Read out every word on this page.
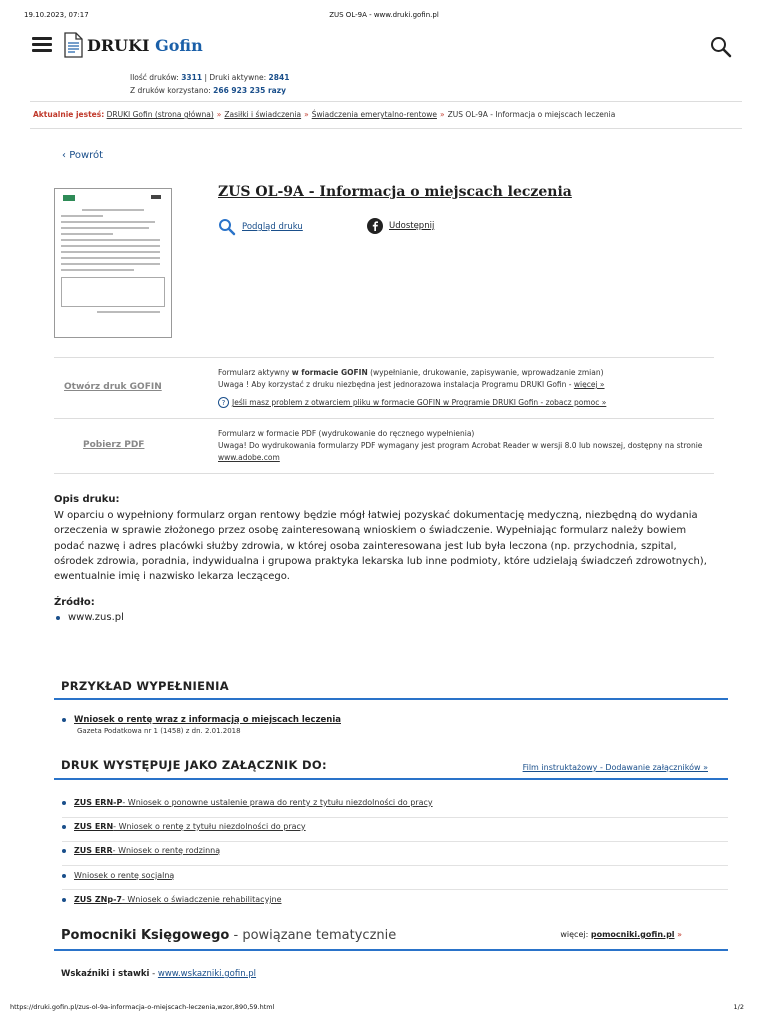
19.10.2023, 07:17	ZUS OL-9A - www.druki.gofin.pl
DRUKI Gofin
Ilość druków: 3311 | Druki aktywne: 2841
Z druków korzystano: 266 923 235 razy
Aktualnie jesteś: DRUKI Gofin (strona główna) » Zasiłki i świadczenia » Świadczenia emerytalno-rentowe » ZUS OL-9A - Informacja o miejscach leczenia
‹ Powrót
ZUS OL-9A - Informacja o miejscach leczenia
Podgląd druku	Udostępnij
Otwórz druk GOFIN
Formularz aktywny w formacie GOFIN (wypełnianie, drukowanie, zapisywanie, wprowadzanie zmian)
Uwaga ! Aby korzystać z druku niezbędna jest jednorazowa instalacja Programu DRUKI Gofin - więcej »
? Jeśli masz problem z otwarciem pliku w formacie GOFIN w Programie DRUKI Gofin - zobacz pomoc »
Pobierz PDF
Formularz w formacie PDF (wydrukowanie do ręcznego wypełnienia)
Uwaga! Do wydrukowania formularzy PDF wymagany jest program Acrobat Reader w wersji 8.0 lub nowszej, dostępny na stronie
www.adobe.com
Opis druku:
W oparciu o wypełniony formularz organ rentowy będzie mógł łatwiej pozyskać dokumentację medyczną, niezbędną do wydania orzeczenia w sprawie złożonego przez osobę zainteresowaną wnioskiem o świadczenie. Wypełniając formularz należy bowiem podać nazwę i adres placówki służby zdrowia, w której osoba zainteresowana jest lub była leczona (np. przychodnia, szpital, ośrodek zdrowia, poradnia, indywidualna i grupowa praktyka lekarska lub inne podmioty, które udzielają świadczeń zdrowotnych), ewentualnie imię i nazwisko lekarza leczącego.
Źródło:
www.zus.pl
PRZYKŁAD WYPEŁNIENIA
Wniosek o rentę wraz z informacją o miejscach leczenia
Gazeta Podatkowa nr 1 (1458) z dn. 2.01.2018
DRUK WYSTĘPUJE JAKO ZAŁĄCZNIK DO:	Film instruktażowy - Dodawanie załączników »
ZUS ERN-P - Wniosek o ponowne ustalenie prawa do renty z tytułu niezdolności do pracy
ZUS ERN - Wniosek o rentę z tytułu niezdolności do pracy
ZUS ERR - Wniosek o rentę rodzinną
Wniosek o rentę socjalną
ZUS ZNp-7 - Wniosek o świadczenie rehabilitacyjne
Pomocniki Księgowego - powiązane tematycznie	więcej: pomocniki.gofin.pl »
Wskaźniki i stawki - www.wskazniki.gofin.pl
https://druki.gofin.pl/zus-ol-9a-informacja-o-miejscach-leczenia,wzor,890,59.html	1/2
